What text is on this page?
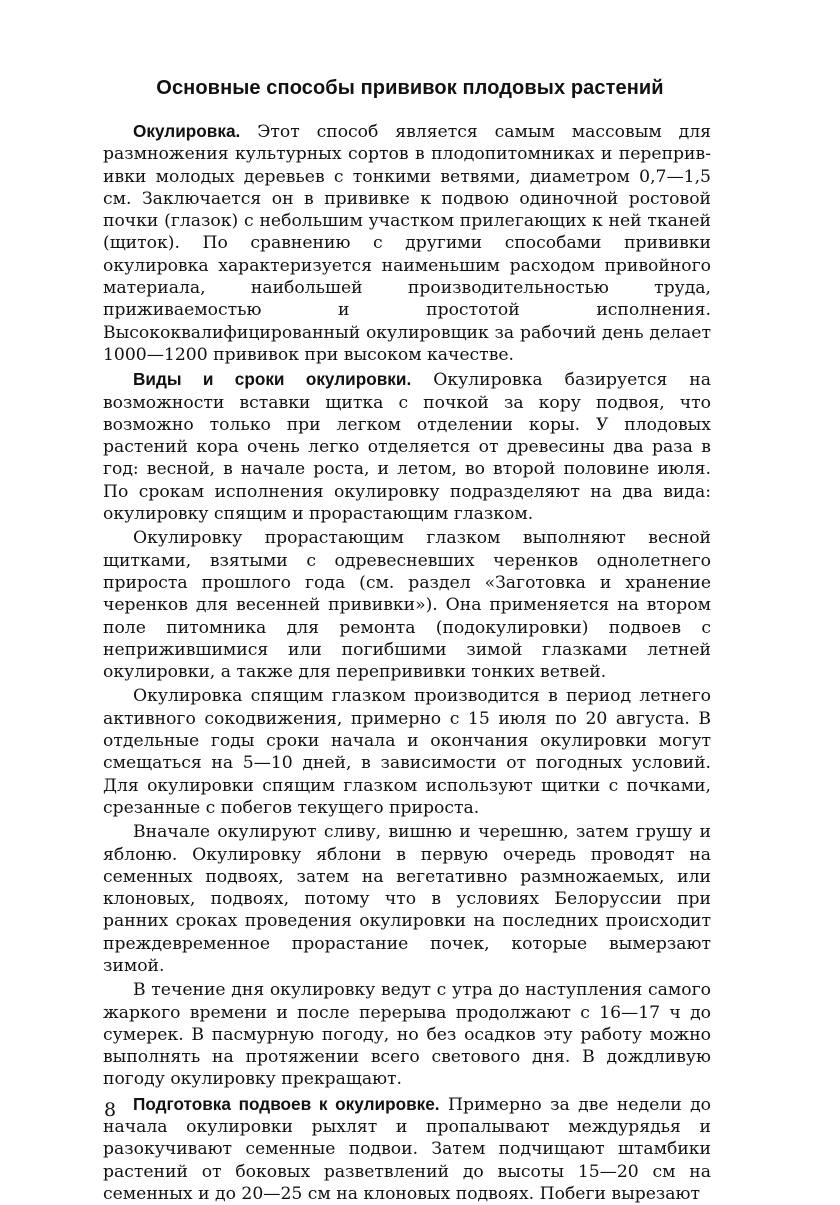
Основные способы прививок плодовых растений

Окулировка. Этот способ является самым массовым для размножения культурных сортов в плодопитомниках и перепрививки молодых деревьев с тонкими ветвями, диаметром 0,7—1,5 см. Заключается он в прививке к подвою одиночной ростовой почки (глазок) с небольшим участком прилегающих к ней тканей (щиток). По сравнению с другими способами прививки окулировка характеризуется наименьшим расходом привойного материала, наибольшей производительностью труда, приживаемостью и простотой исполнения. Высококвалифицированный окулировщик за рабочий день делает 1000—1200 прививок при высоком качестве.

Виды и сроки окулировки. Окулировка базируется на возможности вставки щитка с почкой за кору подвоя, что возможно только при легком отделении коры. У плодовых растений кора очень легко отделяется от древесины два раза в год: весной, в начале роста, и летом, во второй половине июля. По срокам исполнения окулировку подразделяют на два вида: окулировку спящим и прорастающим глазком.

Окулировку прорастающим глазком выполняют весной щитками, взятыми с одревесневших черенков однолетнего прироста прошлого года (см. раздел «Заготовка и хранение черенков для весенней прививки»). Она применяется на втором поле питомника для ремонта (подокулировки) подвоев с неприжившимися или погибшими зимой глазками летней окулировки, а также для перепрививки тонких ветвей.

Окулировка спящим глазком производится в период летнего активного сокодвижения, примерно с 15 июля по 20 августа. В отдельные годы сроки начала и окончания окулировки могут смещаться на 5—10 дней, в зависимости от погодных условий. Для окулировки спящим глазком используют щитки с почками, срезанные с побегов текущего прироста.

Вначале окулируют сливу, вишню и черешню, затем грушу и яблоню. Окулировку яблони в первую очередь проводят на семенных подвоях, затем на вегетативно размножаемых, или клоновых, подвоях, потому что в условиях Белоруссии при ранних сроках проведения окулировки на последних происходит преждевременное прорастание почек, которые вымерзают зимой.

В течение дня окулировку ведут с утра до наступления самого жаркого времени и после перерыва продолжают с 16—17 ч до сумерек. В пасмурную погоду, но без осадков эту работу можно выполнять на протяжении всего светового дня. В дождливую погоду окулировку прекращают.

Подготовка подвоев к окулировке. Примерно за две недели до начала окулировки рыхлят и пропалывают междурядья и разокучивают семенные подвои. Затем подчищают штамбики растений от боковых разветвлений до высоты 15—20 см на семенных и до 20—25 см на клоновых подвоях. Побеги вырезают

8
